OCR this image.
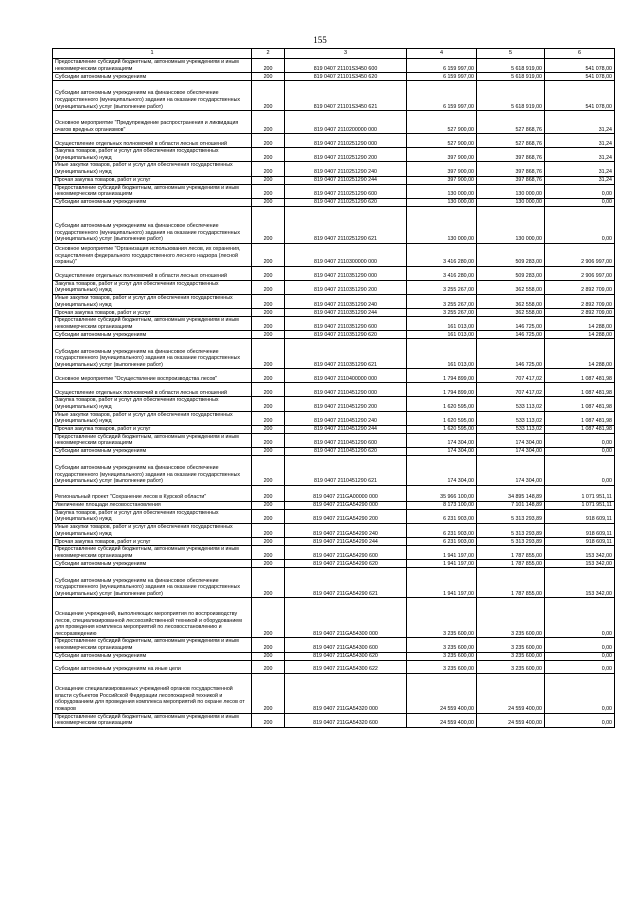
155
1	2	3	4	5	6
Предоставление субсидий бюджетным, автономным учреждениям и иным некоммерческим организациям	200	819 0407 21101S3450 600	6 159 997,00	5 618 919,00	541 078,00
Субсидии автономным учреждениям	200	819 0407 21101S3450 620	6 159 997,00	5 618 919,00	541 078,00
Субсидии автономным учреждениям на финансовое обеспечение государственного (муниципального) задания на оказание государственных (муниципальных) услуг (выполнение работ)	200	819 0407 21101S3450 621	6 159 997,00	5 618 919,00	541 078,00
Основное мероприятие "Предупреждение распространения и ликвидация очагов вредных организмов"	200	819 0407 2110200000 000	527 900,00	527 868,76	31,24
Осуществление отдельных полномочий в области лесных отношений	200	819 0407 2110251290 000	527 900,00	527 868,76	31,24
Закупка товаров, работ и услуг для обеспечения государственных (муниципальных) нужд	200	819 0407 2110251290 200	397 900,00	397 868,76	31,24
Иные закупки товаров, работ и услуг для обеспечения государственных (муниципальных) нужд	200	819 0407 2110251290 240	397 900,00	397 868,76	31,24
Прочая закупка товаров, работ и услуг	200	819 0407 2110251290 244	397 900,00	397 868,76	31,24
Предоставление субсидий бюджетным, автономным учреждениям и иным некоммерческим организациям	200	819 0407 2110251290 600	130 000,00	130 000,00	0,00
Субсидии автономным учреждениям	200	819 0407 2110251290 620	130 000,00	130 000,00	0,00
Субсидии автономным учреждениям на финансовое обеспечение государственного (муниципального) задания на оказание государственных (муниципальных) услуг (выполнение работ)	200	819 0407 2110251290 621	130 000,00	130 000,00	0,00
Основное мероприятие "Организация использования лесов, их охранения, осуществления федерального государственного лесного надзора (лесной охраны)"	200	819 0407 2110300000 000	3 416 280,00	509 283,00	2 906 997,00
Осуществление отдельных полномочий в области лесных отношений	200	819 0407 2110351290 000	3 416 280,00	509 283,00	2 906 997,00
Закупка товаров, работ и услуг для обеспечения государственных (муниципальных) нужд	200	819 0407 2110351290 200	3 255 267,00	362 558,00	2 892 709,00
Иные закупки товаров, работ и услуг для обеспечения государственных (муниципальных) нужд	200	819 0407 2110351290 240	3 255 267,00	362 558,00	2 892 709,00
Прочая закупка товаров, работ и услуг	200	819 0407 2110351290 244	3 255 267,00	362 558,00	2 892 709,00
Предоставление субсидий бюджетным, автономным учреждениям и иным некоммерческим организациям	200	819 0407 2110351290 600	161 013,00	146 725,00	14 288,00
Субсидии автономным учреждениям	200	819 0407 2110351290 620	161 013,00	146 725,00	14 288,00
Субсидии автономным учреждениям на финансовое обеспечение государственного (муниципального) задания на оказание государственных (муниципальных) услуг (выполнение работ)	200	819 0407 2110351290 621	161 013,00	146 725,00	14 288,00
Основное мероприятие "Осуществление воспроизводства лесов"	200	819 0407 2110400000 000	1 794 899,00	707 417,02	1 087 481,98
Осуществление отдельных полномочий в области лесных отношений	200	819 0407 2110451290 000	1 794 899,00	707 417,02	1 087 481,98
Закупка товаров, работ и услуг для обеспечения государственных (муниципальных) нужд	200	819 0407 2110451290 200	1 620 595,00	533 113,02	1 087 481,98
Иные закупки товаров, работ и услуг для обеспечения государственных (муниципальных) нужд	200	819 0407 2110451290 240	1 620 595,00	533 113,02	1 087 481,98
Прочая закупка товаров, работ и услуг	200	819 0407 2110451290 244	1 620 595,00	533 113,02	1 087 481,98
Предоставление субсидий бюджетным, автономным учреждениям и иным некоммерческим организациям	200	819 0407 2110451290 600	174 304,00	174 304,00	0,00
Субсидии автономным учреждениям	200	819 0407 2110451290 620	174 304,00	174 304,00	0,00
Субсидии автономным учреждениям на финансовое обеспечение государственного (муниципального) задания на оказание государственных (муниципальных) услуг (выполнение работ)	200	819 0407 2110451290 621	174 304,00	174 304,00	0,00
Региональный проект "Сохранение лесов в Курской области"	200	819 0407 211GA00000 000	35 966 100,00	34 895 148,89	1 071 951,11
Увеличение площади лесовосстановления	200	819 0407 211GA54290 000	8 173 100,00	7 101 148,89	1 071 951,11
Закупка товаров, работ и услуг для обеспечения государственных (муниципальных) нужд	200	819 0407 211GA54290 200	6 231 903,00	5 313 293,89	918 609,11
Иные закупки товаров, работ и услуг для обеспечения государственных (муниципальных) нужд	200	819 0407 211GA54290 240	6 231 903,00	5 313 293,89	918 609,11
Прочая закупка товаров, работ и услуг	200	819 0407 211GA54290 244	6 231 903,00	5 313 293,89	918 609,11
Предоставление субсидий бюджетным, автономным учреждениям и иным некоммерческим организациям	200	819 0407 211GA54290 600	1 941 197,00	1 787 855,00	153 342,00
Субсидии автономным учреждениям	200	819 0407 211GA54290 620	1 941 197,00	1 787 855,00	153 342,00
Субсидии автономным учреждениям на финансовое обеспечение государственного (муниципального) задания на оказание государственных (муниципальных) услуг (выполнение работ)	200	819 0407 211GA54290 621	1 941 197,00	1 787 855,00	153 342,00
Оснащение учреждений, выполняющих мероприятия по воспроизводству лесов, специализированной лесохозяйственной техникой и оборудованием для проведения комплекса мероприятий по лесовосстановлению и лесоразведению	200	819 0407 211GA54300 000	3 235 600,00	3 235 600,00	0,00
Предоставление субсидий бюджетным, автономным учреждениям и иным некоммерческим организациям	200	819 0407 211GA54300 600	3 235 600,00	3 235 600,00	0,00
Субсидии автономным учреждениям	200	819 0407 211GA54300 620	3 235 600,00	3 235 600,00	0,00
Субсидии автономным учреждениям на иные цели	200	819 0407 211GA54300 622	3 235 600,00	3 235 600,00	0,00
Оснащение специализированных учреждений органов государственной власти субъектов Российской Федерации лесопожарной техникой и оборудованием для проведения комплекса мероприятий по охране лесов от пожаров	200	819 0407 211GA54320 000	24 559 400,00	24 559 400,00	0,00
Предоставление субсидий бюджетным, автономным учреждениям и иным некоммерческим организациям	200	819 0407 211GA54320 600	24 559 400,00	24 559 400,00	0,00
